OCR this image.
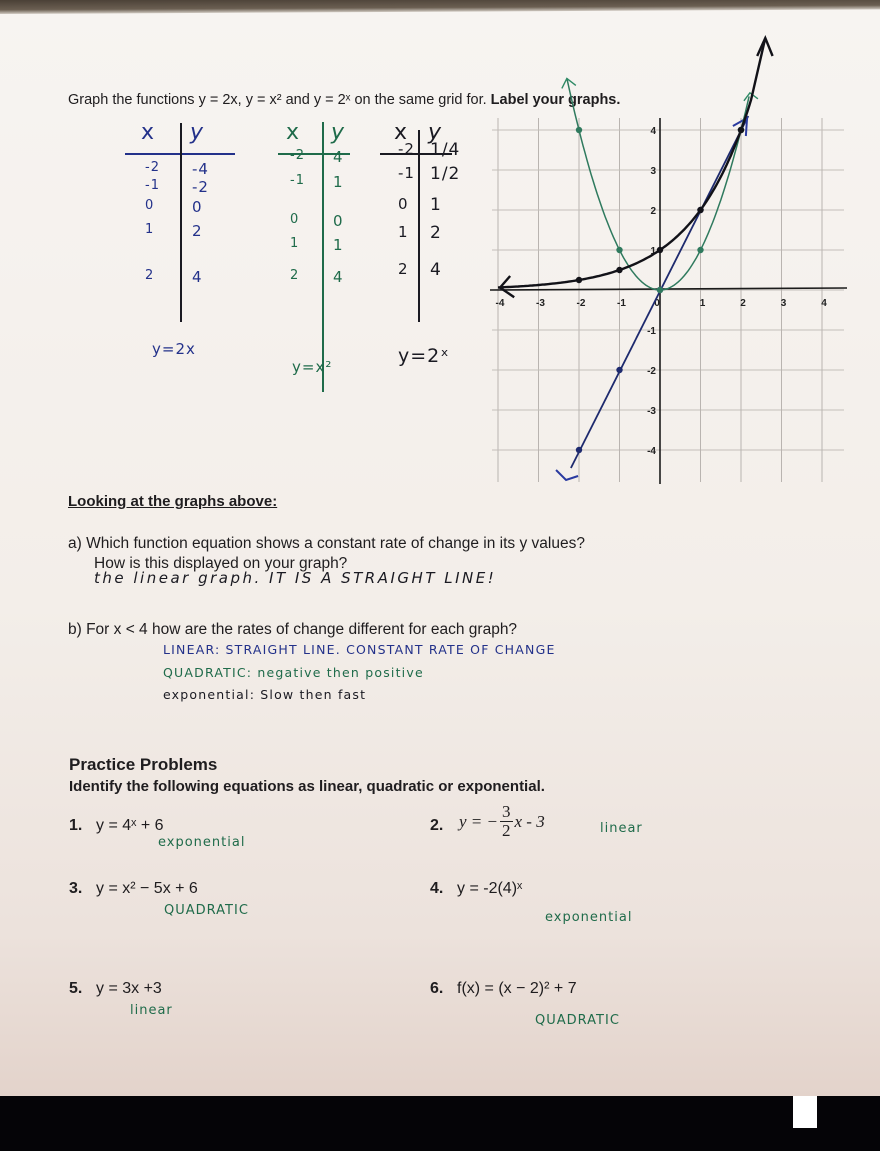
Graph the functions y = 2x, y = x² and y = 2ˣ on the same grid for. Label your graphs.
x y
-2 -4
-1 -2
0	0
1	2
2	4
y=2x
x y
-2 4
-1 1
0 0
1 1
2 4
y=x²
x y
-2 1/4
-1 1/2
0 1
1 2
2 4
y=2ˣ
-4	-3	-2	-1	0	1	2	3	4
-4
-3
-2
-1
1
2
3
4
Looking at the graphs above:
a) Which function equation shows a constant rate of change in its y values?
How is this displayed on your graph?
the linear graph. IT IS A STRAIGHT LINE!
b) For x < 4 how are the rates of change different for each graph?
LINEAR: STRAIGHT LINE. CONSTANT RATE OF CHANGE
QUADRATIC: negative then positive
exponential: Slow then fast
Practice Problems
Identify the following equations as linear, quadratic or exponential.
1. y = 4ˣ + 6
exponential
2. y = − $\frac{3}{2}$ x - 3	linear
3. y = x² − 5x + 6
QUADRATIC
4. y = -2(4)ˣ
exponential
5. y = 3x +3
linear
6. f(x) = (x − 2)² + 7
QUADRATIC
